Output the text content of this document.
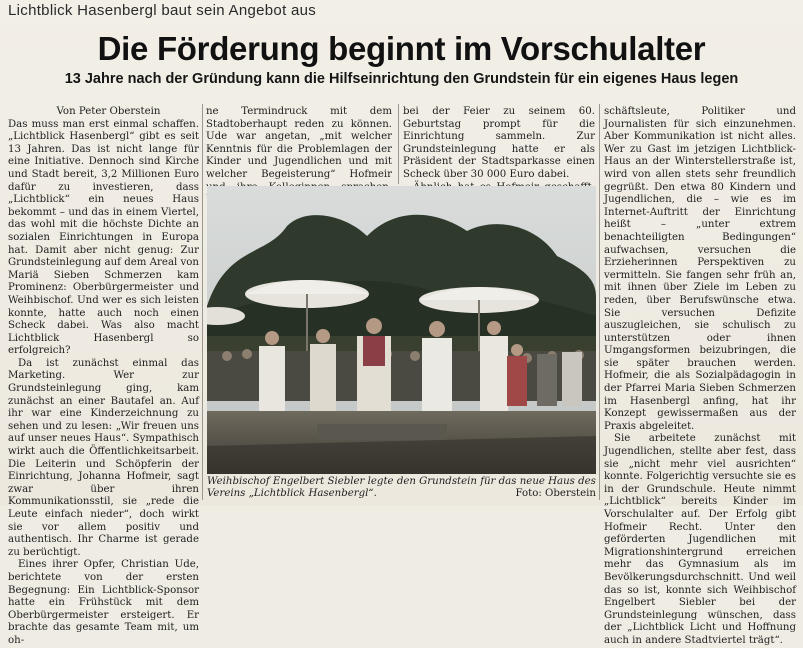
Lichtblick Hasenbergl baut sein Angebot aus
Die Förderung beginnt im Vorschulalter
13 Jahre nach der Gründung kann die Hilfseinrichtung den Grundstein für ein eigenes Haus legen

Von Peter Oberstein

Das muss man erst einmal schaffen. „Lichtblick Hasenbergl“ gibt es seit 13 Jahren. Das ist nicht lange für eine Initiative. Dennoch sind Kirche und Stadt bereit, 3,2 Millionen Euro dafür zu investieren, dass „Lichtblick“ ein neues Haus bekommt – und das in einem Viertel, das wohl mit die höchste Dichte an sozialen Einrichtungen in Europa hat. Damit aber nicht genug: Zur Grundsteinlegung auf dem Areal von Mariä Sieben Schmerzen kam Prominenz: Oberbürgermeister und Weihbischof. Und wer es sich leisten konnte, hatte auch noch einen Scheck dabei. Was also macht Lichtblick Hasenbergl so erfolgreich?

Da ist zunächst einmal das Marketing. Wer zur Grundsteinlegung ging, kam zunächst an einer Bautafel an. Auf ihr war eine Kinderzeichnung zu sehen und zu lesen: „Wir freuen uns auf unser neues Haus“. Sympathisch wirkt auch die Öffentlichkeitsarbeit. Die Leiterin und Schöpferin der Einrichtung, Johanna Hofmeir, sagt zwar über ihren Kommunikationsstil, sie „rede die Leute einfach nieder“, doch wirkt sie vor allem positiv und authentisch. Ihr Charme ist gerade zu berüchtigt.

Eines ihrer Opfer, Christian Ude, berichtete von der ersten Begegnung: Ein Lichtblick-Sponsor hatte ein Frühstück mit dem Oberbürgermeister ersteigert. Er brachte das gesamte Team mit, um oh-

ne Termindruck mit dem Stadtoberhaupt reden zu können. Ude war angetan, „mit welcher Kenntnis für die Problemlagen der Kinder und Jugendlichen und mit welcher Begeisterung“ Hofmeir

bei der Feier zu seinem 60. Geburtstag prompt für die Einrichtung sammeln. Zur Grundsteinlegung hatte er als Präsident der Stadtsparkasse einen Scheck über 30 000 Euro dabei.

schäftsleute, Politiker und Journalisten für sich einzunehmen. Aber Kommunikation ist nicht alles. Wer zu Gast im jetzigen Lichtblick-Haus an der Winterstellerstraße ist, wird von allen stets sehr freundlich gegrüßt. Den etwa 80 Kindern und Jugendlichen, die – wie es im Internet-Auftritt der Einrichtung heißt – „unter extrem benachteiligten Bedingungen“ aufwachsen, versuchen die Erzieherinnen Perspektiven zu vermitteln. Sie fangen sehr früh an, mit ihnen über Ziele im Leben zu reden, über Berufswünsche etwa. Sie versuchen Defizite auszugleichen, sie schulisch zu unterstützen oder ihnen Umgangsformen beizubringen, die sie später brauchen werden. Hofmeir, die als Sozialpädagogin in der Pfarrei Maria Sieben Schmerzen im Hasenbergl anfing, hat ihr Konzept gewissermaßen aus der Praxis abgeleitet.

Sie arbeitete zunächst mit Jugendlichen, stellte aber fest, dass sie „nicht mehr viel ausrichten“ konnte. Folgerichtig versuchte sie es in der Grundschule. Heute nimmt „Lichtblick“ bereits Kinder im Vorschulalter auf. Der Erfolg gibt Hofmeir Recht. Unter den geförderten Jugendlichen mit Migrationshintergrund erreichen mehr das Gymnasium als im Bevölkerungsdurchschnitt. Und weil das so ist, konnte sich Weihbischof Engelbert Siebler bei der Grundsteinlegung wünschen, dass der „Lichtblick Licht und Hoffnung auch in andere Stadtviertel trägt“.

Weihbischof Engelbert Siebler legte den Grundstein für das neue Haus des Vereins „Lichtblick Hasenbergl“.	Foto: Oberstein
